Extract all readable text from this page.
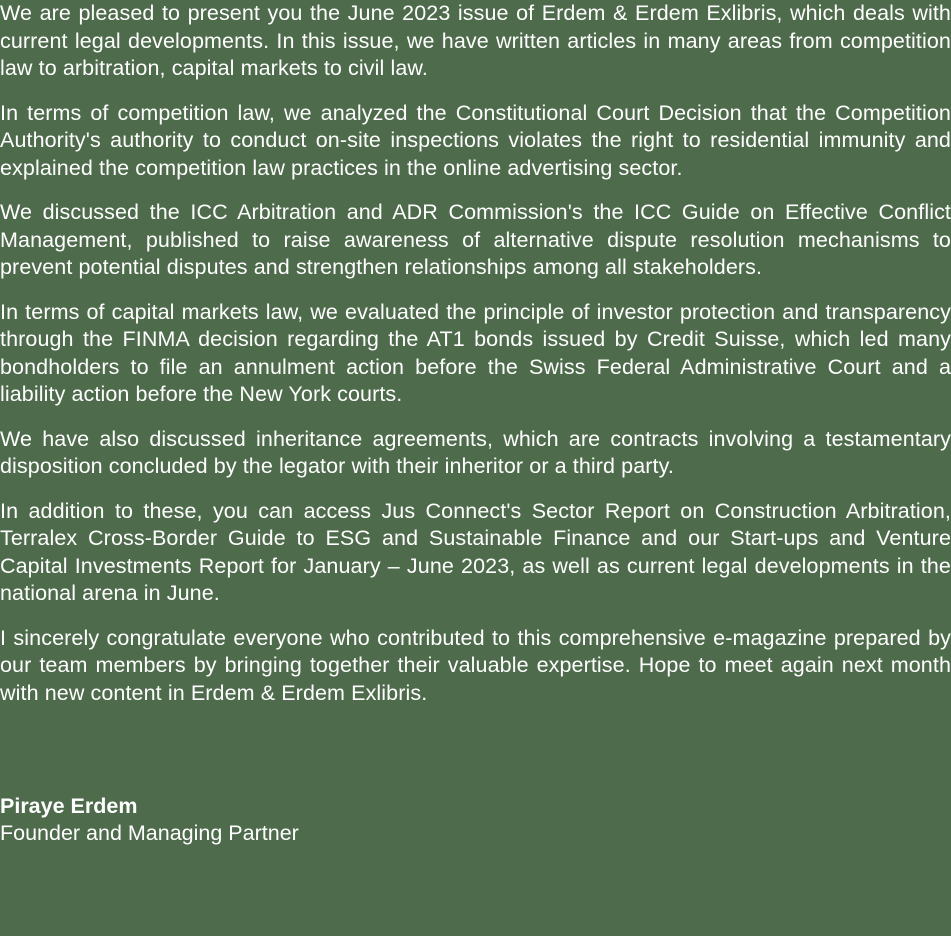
We are pleased to present you the June 2023 issue of Erdem & Erdem Exlibris, which deals with current legal developments. In this issue, we have written articles in many areas from competition law to arbitration, capital markets to civil law.

In terms of competition law, we analyzed the Constitutional Court Decision that the Competition Authority's authority to conduct on-site inspections violates the right to residential immunity and explained the competition law practices in the online advertising sector.

We discussed the ICC Arbitration and ADR Commission's the ICC Guide on Effective Conflict Management, published to raise awareness of alternative dispute resolution mechanisms to prevent potential disputes and strengthen relationships among all stakeholders.

In terms of capital markets law, we evaluated the principle of investor protection and transparency through the FINMA decision regarding the AT1 bonds issued by Credit Suisse, which led many bondholders to file an annulment action before the Swiss Federal Administrative Court and a liability action before the New York courts.

We have also discussed inheritance agreements, which are contracts involving a testamentary disposition concluded by the legator with their inheritor or a third party.

In addition to these, you can access Jus Connect's Sector Report on Construction Arbitration, Terralex Cross-Border Guide to ESG and Sustainable Finance and our Start-ups and Venture Capital Investments Report for January – June 2023, as well as current legal developments in the national arena in June.

I sincerely congratulate everyone who contributed to this comprehensive e-magazine prepared by our team members by bringing together their valuable expertise. Hope to meet again next month with new content in Erdem & Erdem Exlibris.

Piraye Erdem

Founder and Managing Partner
